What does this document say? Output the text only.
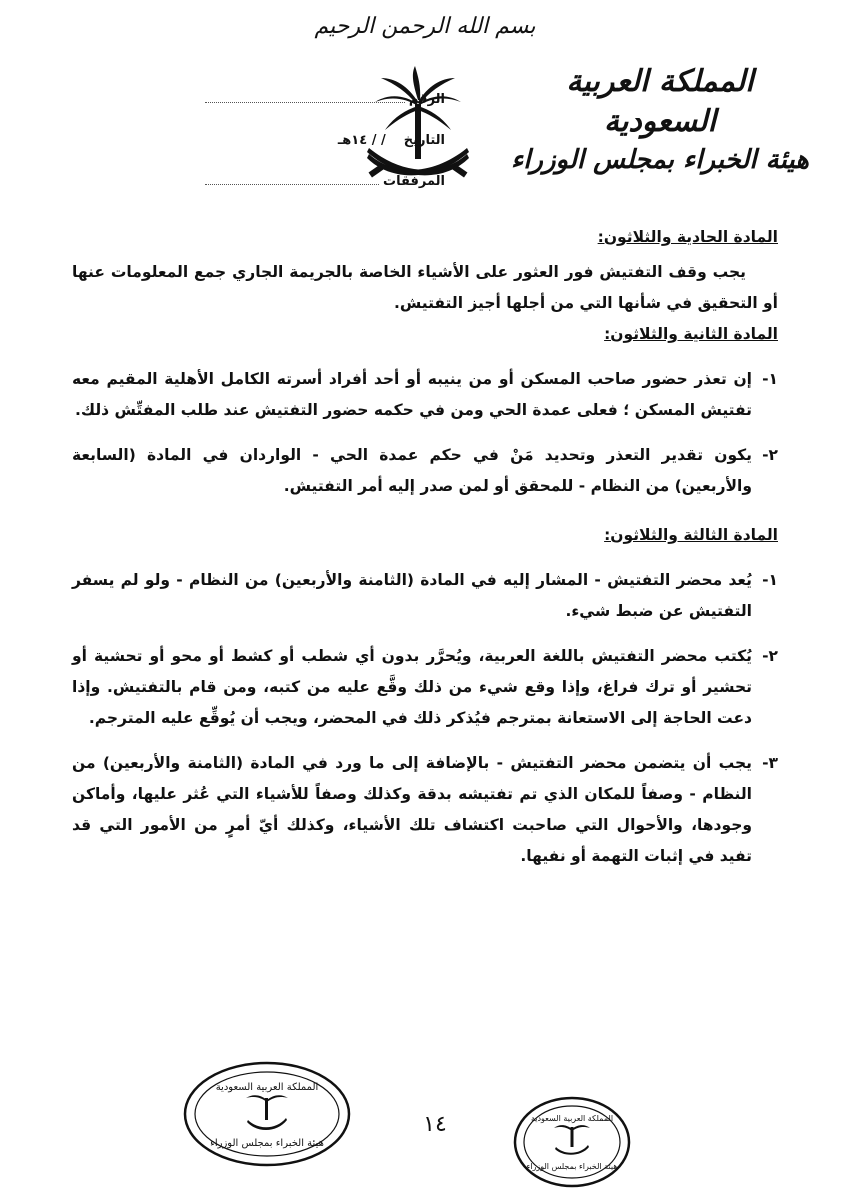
بسم الله الرحمن الرحيم
المملكة العربية السعودية
هيئة الخبراء بمجلس الوزراء
الرقم
التاريخ
/ / ١٤هـ
المرفقات

المادة الحادية والثلاثون:

يجب وقف التفتيش فور العثور على الأشياء الخاصة بالجريمة الجاري جمع المعلومات عنها أو التحقيق في شأنها التي من أجلها أجيز التفتيش.

المادة الثانية والثلاثون:

١-
إن تعذر حضور صاحب المسكن أو من ينيبه أو أحد أفراد أسرته الكامل الأهلية المقيم معه تفتيش المسكن ؛ فعلى عمدة الحي ومن في حكمه حضور التفتيش عند طلب المفتِّش ذلك.
٢-
يكون تقدير التعذر وتحديد مَنْ في حكم عمدة الحي - الواردان في المادة (السابعة والأربعين) من النظام - للمحقق أو لمن صدر إليه أمر التفتيش.

المادة الثالثة والثلاثون:

١-
يُعد محضر التفتيش - المشار إليه في المادة (الثامنة والأربعين) من النظام - ولو لم يسفر التفتيش عن ضبط شيء.
٢-
يُكتب محضر التفتيش باللغة العربية، ويُحرَّر بدون أي شطب أو كشط أو محو أو تحشية أو تحشير أو ترك فراغ، وإذا وقع شيء من ذلك وقَّع عليه من كتبه، ومن قام بالتفتيش. وإذا دعت الحاجة إلى الاستعانة بمترجم فيُذكر ذلك في المحضر، ويجب أن يُوقِّع عليه المترجم.
٣-
يجب أن يتضمن محضر التفتيش - بالإضافة إلى ما ورد في المادة (الثامنة والأربعين) من النظام - وصفاً للمكان الذي تم تفتيشه بدقة وكذلك وصفاً للأشياء التي عُثر عليها، وأماكن وجودها، والأحوال التي صاحبت اكتشاف تلك الأشياء، وكذلك أيّ أمرٍ من الأمور التي قد تفيد في إثبات التهمة أو نفيها.
١٤
المملكة العربية السعودية
هيئة الخبراء بمجلس الوزراء
المملكة العربية السعودية
هيئة الخبراء بمجلس الوزراء
